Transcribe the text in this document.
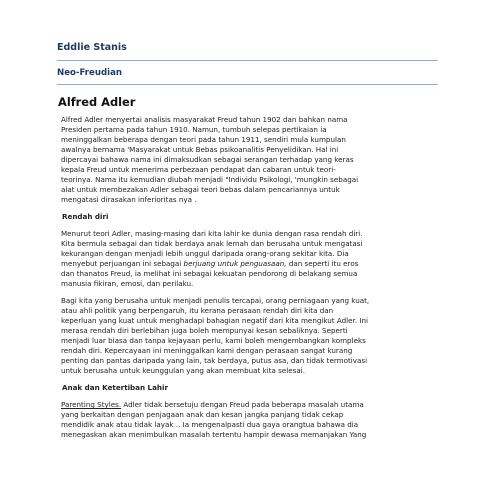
Eddlie Stanis
Neo-Freudian
Alfred Adler

Alfred Adler menyertai analisis masyarakat Freud tahun 1902 dan bahkan nama
Presiden pertama pada tahun 1910. Namun, tumbuh selepas pertikaian ia
meninggalkan beberapa dengan teori pada tahun 1911, sendiri mula kumpulan
awalnya bernama 'Masyarakat untuk Bebas psikoanalitis Penyelidikan. Hal ini
dipercayai bahawa nama ini dimaksudkan sebagai serangan terhadap yang keras
kepala Freud untuk menerima perbezaan pendapat dan cabaran untuk teori-
teorinya. Nama itu kemudian diubah menjadi "Individu Psikologi, 'mungkin sebagai
alat untuk membezakan Adler sebagai teori bebas dalam pencariannya untuk
mengatasi dirasakan inferioritas nya .

Rendah diri

Menurut teori Adler, masing-masing dari kita lahir ke dunia dengan rasa rendah diri.
Kita bermula sebagai dan tidak berdaya anak lemah dan berusaha untuk mengatasi
kekurangan dengan menjadi lebih unggul daripada orang-orang sekitar kita. Dia
menyebut perjuangan ini sebagai berjuang untuk penguasaan, dan seperti itu eros
dan thanatos Freud, ia melihat ini sebagai kekuatan pendorong di belakang semua
manusia fikiran, emosi, dan perilaku.

Bagi kita yang berusaha untuk menjadi penulis tercapai, orang perniagaan yang kuat,
atau ahli politik yang berpengaruh, itu kerana perasaan rendah diri kita dan
keperluan yang kuat untuk menghadapi bahagian negatif dari kita mengikut Adler. Ini
merasa rendah diri berlebihan juga boleh mempunyai kesan sebaliknya. Seperti
menjadi luar biasa dan tanpa kejayaan perlu, kami boleh mengembangkan kompleks
rendah diri. Kepercayaan ini meninggalkan kami dengan perasaan sangat kurang
penting dan pantas daripada yang lain, tak berdaya, putus asa, dan tidak termotivasi
untuk berusaha untuk keunggulan yang akan membuat kita selesai.

Anak dan Ketertiban Lahir

Parenting Styles. Adler tidak bersetuju dengan Freud pada beberapa masalah utama
yang berkaitan dengan penjagaan anak dan kesan jangka panjang tidak cekap
mendidik anak atau tidak layak .. Ia mengenalpasti dua gaya orangtua bahawa dia
menegaskan akan menimbulkan masalah tertentu hampir dewasa memanjakan Yang
